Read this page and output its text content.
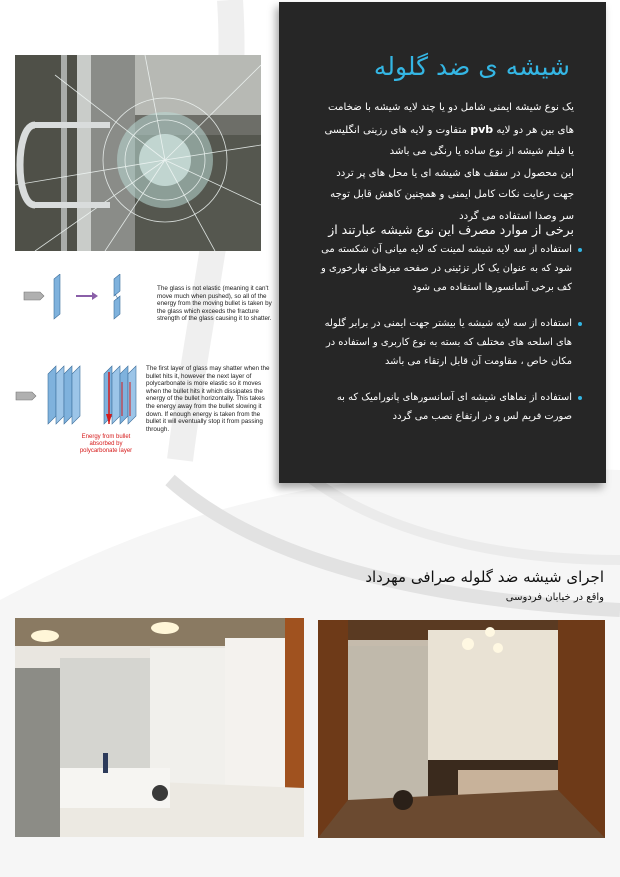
شیشه ی ضد گلوله
یک نوع شیشه ایمنی شامل دو یا چند لایه شیشه با ضخامت های بین هر دو لایه pvb متفاوت و لایه های رزینی انگلیسی یا فیلم شیشه از نوع ساده یا رنگی می باشد
این محصول در سقف های شیشه ای یا محل های پر تردد جهت رعایت نکات کامل ایمنی و همچنین کاهش قابل توجه سر وصدا استفاده می گردد
برخی از موارد مصرف این نوع شیشه عبارتند از
استفاده از سه لایه شیشه لمینت که لایه میانی آن شکسته می شود که به عنوان یک کار تزئینی در صفحه میزهای نهارخوری و کف برخی آسانسورها استفاده می شود
استفاده از سه لایه شیشه یا بیشتر جهت ایمنی در برابر گلوله های اسلحه های مختلف که بسته به نوع کاربری و استفاده در مکان خاص ، مقاومت آن قابل ارتقاء می باشد
استفاده از نماهای شیشه ای آسانسورهای پانورامیک که به صورت فریم لس و در ارتفاع نصب می گردد
The glass is not elastic (meaning it can't move much when pushed), so all of the energy from the moving bullet is taken by the glass which exceeds the fracture strength of the glass causing it to shatter.
The first layer of glass may shatter when the bullet hits it, however the next layer of polycarbonate is more elastic so it moves when the bullet hits it which dissipates the energy of the bullet horizontally. This takes the energy away from the bullet slowing it down. If enough energy is taken from the bullet it will eventually stop it from passing through.
Energy from bullet absorbed by polycarbonate layer
اجرای شیشه ضد گلوله صرافی مهرداد
واقع در خیابان فردوسی
